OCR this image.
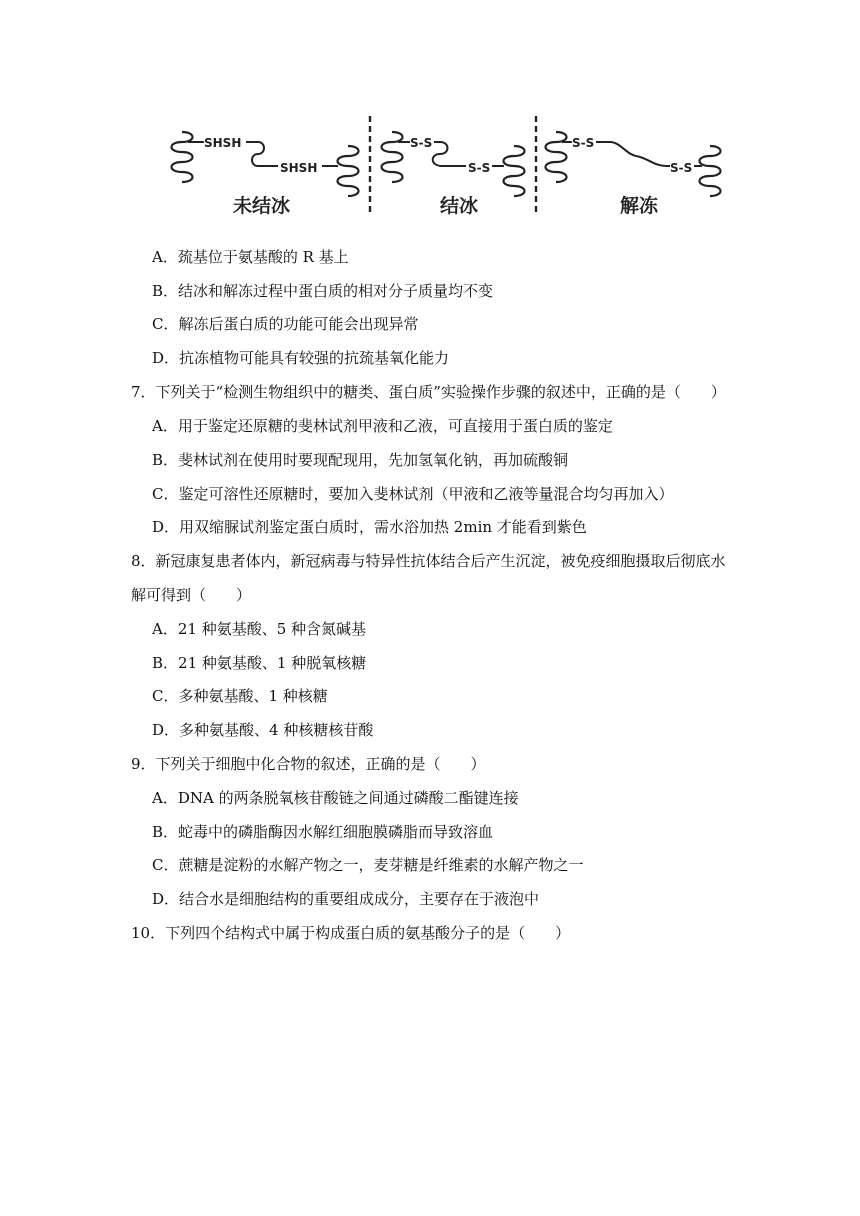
SHSH
SHSH
未结冰
S-S
S-S
结冰
S-S
S-S
解冻
A．巯基位于氨基酸的 R 基上
B．结冰和解冻过程中蛋白质的相对分子质量均不变
C．解冻后蛋白质的功能可能会出现异常
D．抗冻植物可能具有较强的抗巯基氧化能力
7．下列关于“检测生物组织中的糖类、蛋白质”实验操作步骤的叙述中，正确的是（　　）
A．用于鉴定还原糖的斐林试剂甲液和乙液，可直接用于蛋白质的鉴定
B．斐林试剂在使用时要现配现用，先加氢氧化钠，再加硫酸铜
C．鉴定可溶性还原糖时，要加入斐林试剂（甲液和乙液等量混合均匀再加入）
D．用双缩脲试剂鉴定蛋白质时，需水浴加热 2min 才能看到紫色
8．新冠康复患者体内，新冠病毒与特异性抗体结合后产生沉淀，被免疫细胞摄取后彻底水
解可得到（　　）
A．21 种氨基酸、5 种含氮碱基
B．21 种氨基酸、1 种脱氧核糖
C．多种氨基酸、1 种核糖
D．多种氨基酸、4 种核糖核苷酸
9．下列关于细胞中化合物的叙述，正确的是（　　）
A．DNA 的两条脱氧核苷酸链之间通过磷酸二酯键连接
B．蛇毒中的磷脂酶因水解红细胞膜磷脂而导致溶血
C．蔗糖是淀粉的水解产物之一，麦芽糖是纤维素的水解产物之一
D．结合水是细胞结构的重要组成成分，主要存在于液泡中
10．下列四个结构式中属于构成蛋白质的氨基酸分子的是（　　）
